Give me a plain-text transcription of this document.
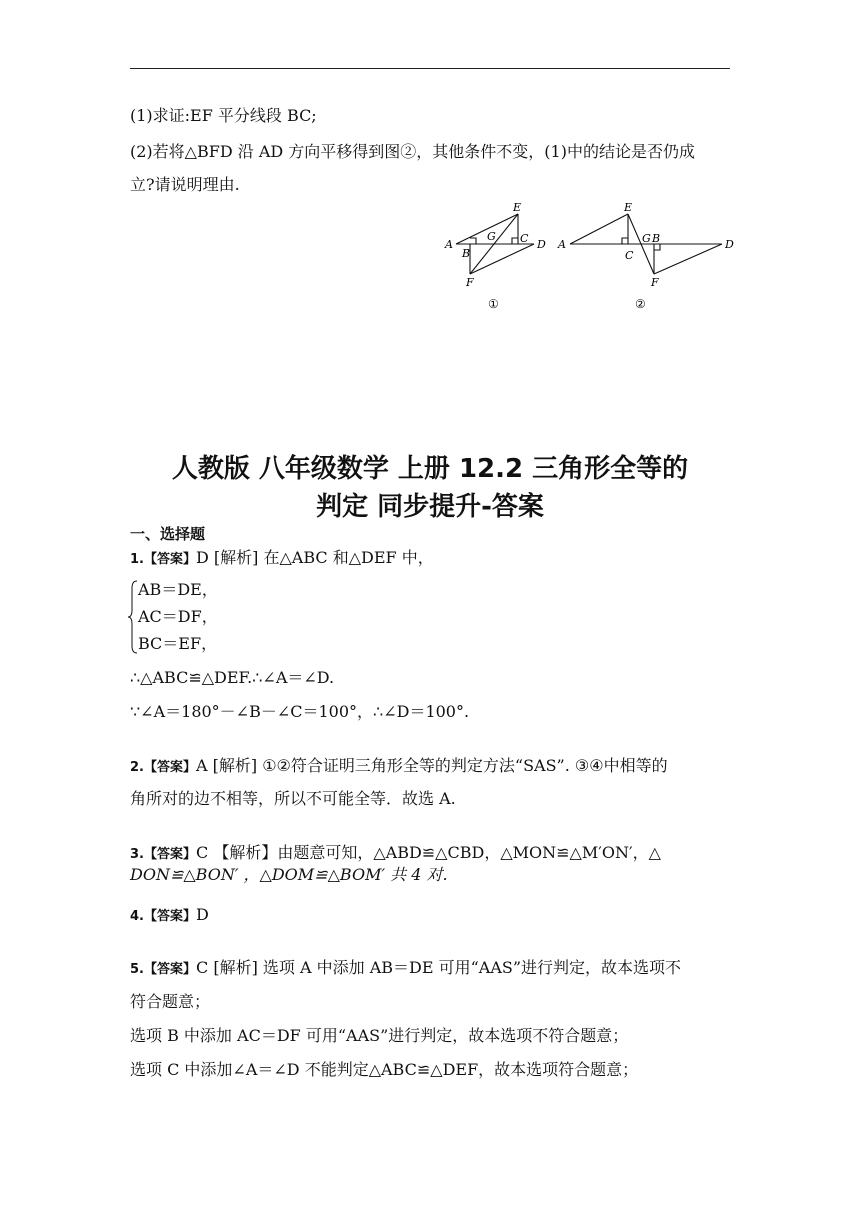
(1)求证:EF 平分线段 BC;
(2)若将△BFD 沿 AD 方向平移得到图②，其他条件不变，(1)中的结论是否仍成
立?请说明理由.
A
B
C D
E
F
G
①
A
C
G B	D
E
F
②
人教版 八年级数学 上册 12.2 三角形全等的
判定 同步提升-答案
一、选择题
1.【答案】D [解析] 在△ABC 和△DEF 中，
AB＝DE，
AC＝DF，
BC＝EF，
∴△ABC≌△DEF.∴∠A＝∠D.
∵∠A＝180°－∠B－∠C＝100°，∴∠D＝100°.
2.【答案】A [解析] ①②符合证明三角形全等的判定方法“SAS”. ③④中相等的
角所对的边不相等，所以不可能全等．故选 A.
3.【答案】C 【解析】由题意可知，△ABD≌△CBD，△MON≌△M′ON′，△
DON≌△BON′ ，△DOM≌△BOM′ 共 4 对.
4.【答案】D
5.【答案】C [解析] 选项 A 中添加 AB＝DE 可用“AAS”进行判定，故本选项不
符合题意；
选项 B 中添加 AC＝DF 可用“AAS”进行判定，故本选项不符合题意；
选项 C 中添加∠A＝∠D 不能判定△ABC≌△DEF，故本选项符合题意；
